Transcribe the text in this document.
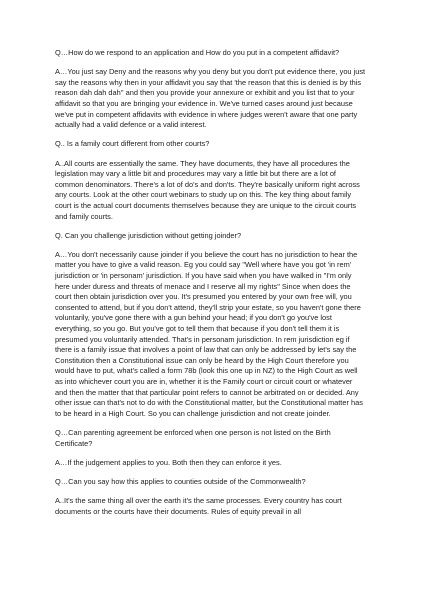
Q…How do we respond to an application and How do you put in a competent affidavit?

A…You just say Deny and the reasons why you deny but you don't put evidence there, you just say the reasons why then in your affidavit you say that 'the reason that this is denied is by this reason dah dah dah'' and then you provide your annexure or exhibit and you list that to your affidavit so that you are bringing your evidence in. We've turned cases around just because we've put in competent affidavits with evidence in where judges weren't aware that one party actually had a valid defence or a valid interest.

Q.. Is a family court different from other courts?

A..All courts are essentially the same. They have documents, they have all procedures the legislation may vary a little bit and procedures may vary a little bit but there are a lot of common denominators. There's a lot of do's and don'ts. They're basically uniform right across any courts. Look at the other court webinars to study up on this. The key thing about family court is the actual court documents themselves because they are unique to the circuit courts and family courts.

Q. Can you challenge jurisdiction without getting joinder?

A…You don't necessarily cause joinder if you believe the court has no jurisdiction to hear the matter you have to give a valid reason. Eg you could say "Well where have you got 'in rem' jurisdiction or 'in personam' jurisdiction. If you have said when you have walked in "I'm only here under duress and threats of menace and I reserve all my rights" Since when does the court then obtain jurisdiction over you. It's presumed you entered by your own free will, you consented to attend, but if you don't attend, they'll strip your estate, so you haven't gone there voluntarily, you've gone there with a gun behind your head; if you don't go you've lost everything, so you go. But you've got to tell them that because if you don't tell them it is presumed you voluntarily attended. That's in personam jurisdiction. In rem jurisdiction eg if there is a family issue that involves a point of law that can only be addressed by let's say the Constitution then a Constitutional issue can only be heard by the High Court therefore you would have to put, what's called a form 78b (look this one up in NZ) to the High Court as well as into whichever court you are in, whether it is the Family court or circuit court or whatever and then the matter that that particular point refers to cannot be arbitrated on or decided. Any other issue can that's not to do with the Constitutional matter, but the Constitutional matter has to be heard in a High Court. So you can challenge jurisdiction and not create joinder.

Q…Can parenting agreement be enforced when one person is not listed on the Birth Certificate?

A…If the judgement applies to you. Both then they can enforce it yes.

Q…Can you say how this applies to counties outside of the Commonwealth?

A..It's the same thing all over the earth it's the same processes. Every country has court documents or the courts have their documents. Rules of equity prevail in all
